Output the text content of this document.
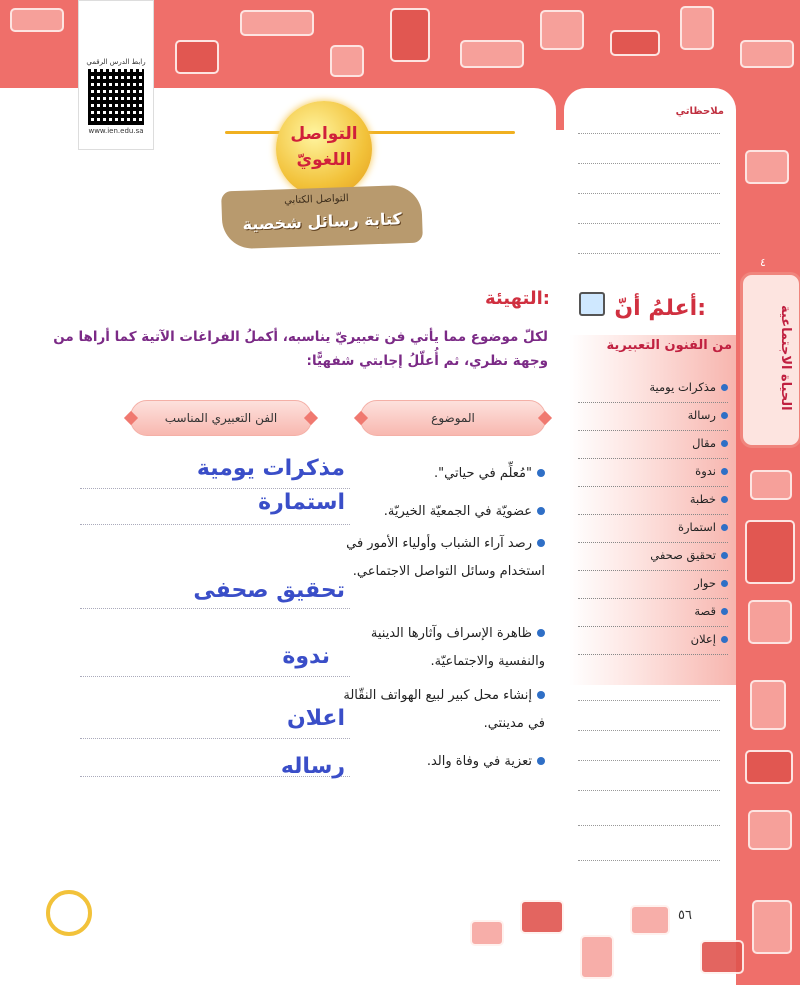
٥٦
رابط الدرس الرقمي
www.ien.edu.sa	التواصل
اللغويّ
التواصل الكتابي
كتابة رسائل شخصية
التهيئة:
لكلّ موضوع مما يأتي فن تعبيريّ يناسبه، أكملُ الفراغات الآتية كما أراها من وجهة نظري، ثم أُعلّلُ إجابتي شفهيًّا:
الموضوع
الفن التعبيري المناسب
"مُعلِّم في حياتي".
عضويّة في الجمعيّة الخيريّة.
رصد آراء الشباب وأولياء الأمور في استخدام وسائل التواصل الاجتماعي.
ظاهرة الإسراف وآثارها الدينية والنفسية والاجتماعيّة.
إنشاء محل كبير لبيع الهواتف النقّالة في مدينتي.
تعزية في وفاة والد.
مذكرات يومية
استمارة
تحقيق صحفى
ندوة
اعلان
رساله
ملاحظاتي
أعلمُ أنّ:
من الفنون التعبيرية
مذكرات يومية
رسالة
مقال
ندوة
خطبة
استمارة
تحقيق صحفي
حوار
قصة
إعلان
الحياة الاجتماعية
٤
